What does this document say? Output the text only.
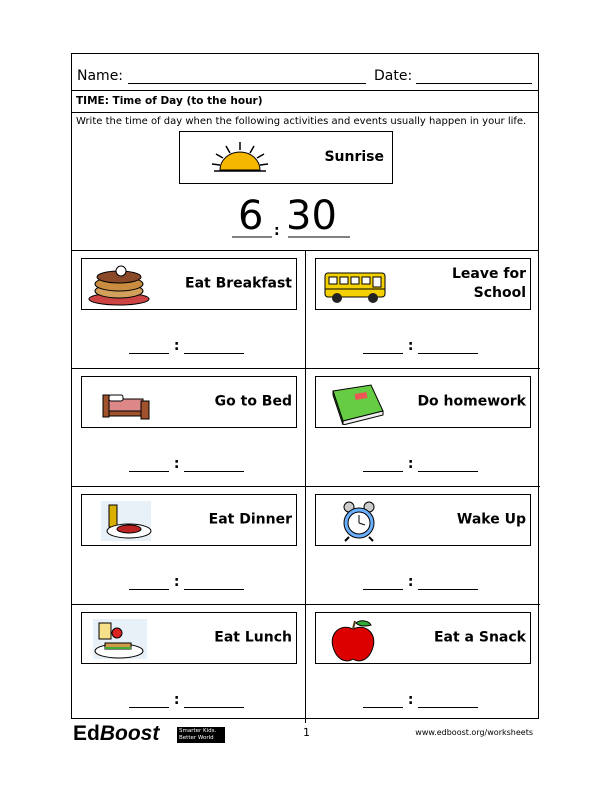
Name:	Date:
TIME: Time of Day (to the hour)
Write the time of day when the following activities and events usually happen in your life.
Sunrise
6 : 30
Eat Breakfast
:
Leave for School
:
Go to Bed
:
Do homework
:
Eat Dinner
:
Wake Up
:
Eat Lunch
:
Eat a Snack
:
EdBoost	Smarter Kids. Better World	1	www.edboost.org/worksheets
